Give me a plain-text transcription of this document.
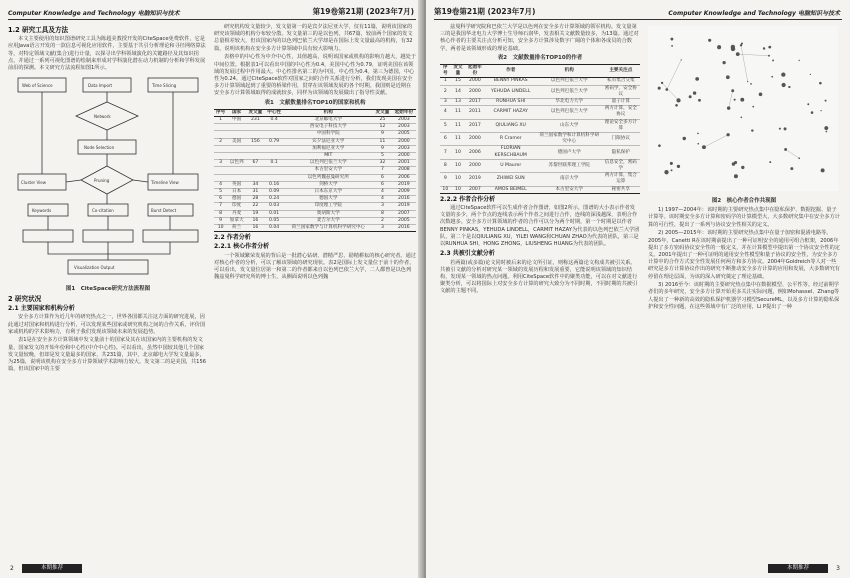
Computer Knowledge and Technology 电脑知识与技术	第19卷第21期 (2023年7月)
1.2 研究工具及方法

本文主要使用的知识图谱研究工具为陈超美教授开发的CiteSpace免费软件，它是应用Java语言开发的一款信息可视化应用软件，主要基于共引分析理论和寻径网络算法等，对特定领域文献(集合)进行计量，以探寻出学科领域演化的关键路径及其知识拐点，并通过一系列可视化图谱的绘制来形成对学科演化潜在动力机制的分析和学科发展前沿的探测。本文研究方法流程如图1所示。

Web of Science	Data Import	Time Slicing
Network
Node Selection
Cluster View	Timeline View
Pruning
Keywords	Co-citation	Burst Detect
Visualization Output
图1　CiteSpace研究方法流程图
2 研究状况
2.1 主要国家和机构分析

安全多方计算作为近几年的研究热点之一，世界各国都关注这方面的研究进展，因此通过对国家和机构进行分析，可以发现某些国家或研究机构之间的合作关系，评价国家或机构的学术影响力，有利于我们发现该领域未来的发展趋势。

表1是在安全多方计算领域中发文量前十的国家及其在该国家内的主要机构的发文量，国家发文的开始年份和中心性(中介中心性)。可以看出，虽然中国较其他几个国家发文量较晚，但却是发文量最多的国家，共231篇，其中，北京邮电大学发文量最多，为25篇，说明该机构在安全多方计算领域学术影响力较大。发文第二的是美国，共156篇，但该国家中的主要

研究机构发文量较少，发文量第一的是宾夕法尼亚大学，仅有11篇，说明该国家的研究该领域的机构分布较分散。发文量第三的是以色列，共67篇，较前两个国家的发文总量相差较大，但该国家内的以色列巴依兰大学却是在国际上发文量最高的机构，有32篇，说明该机构在安全多方计算领域中具有较大影响力。

表格中的中心性为中介中心性，其值越高，说明该国家或机构的影响力越大，越处于中间位置。根据表1可以看出中国的中心性为0.4，美国中心性为0.79，证明美国在该领域的发展过程中作用最大。中心性排名第二的为中国，中心性为0.4。第三为德国，中心性为0.24。通过CiteSpace软件对国家之间的合作关系进行分析，我们发现美国在安全多方计算领域起到了重要的桥梁作用，贯穿在该领域发展的各个时期。我国则是近期在安全多方计算领域取得的成就较多，同样为该领域的发展做出了指导性贡献。

表1　文献数量排名TOP10的国家和机构
序号	国家	发文量	中心性	机构	发文量	起始年份
1	中国	231	0.4	北京邮电大学	25	2003
				西安电子科技大学	12	2003
				中国科学院	9	2005
2	美国	156	0.79	宾夕法尼亚大学	11	2000
				加利福尼亚大学	9	2003
				MIT	5	2000
3	以色列	67	0.1	以色列巴依兰大学	32	2001
				本古里安大学	7	2008
				以色列魏兹曼研究所	6	2006
4	英国	34	0.16	剑桥大学	6	2019
5	日本	31	0.09	日本东京大学	4	2009
6	德国	28	0.24	德国大学	4	2016
7	印度	22	0.03	印度理工学院	3	2019
8	丹麦	19	0.01	奥胡斯大学	8	2007
9	加拿大	16	0.05	麦吉尔大学	2	2005
10	荷兰	16	0.04	荷兰国家数学与计算机科学研究中心	3	2016
2.2 作者分析
2.2.1 核心作者分析

一个领域繁荣发展的背后是一批潜心钻研、潜精严思、励精耕耘的核心研究者。通过对核心作者的分析，可以了解该领域的研究现状。表2是国际上发文量位于前十的作者，可以看出，发文量位居第一和第二的作者都来自以色列巴依兰大学，二人都曾是以色列魏兹曼科学研究所的博士生，从侧面说明以色列魏

2	本期推荐
第19卷第21期 (2023年7月)	Computer Knowledge and Technology 电脑知识与技术

兹曼科学研究院和巴依兰大学是以色列在安全多方计算领域的领军机构。发文量第三的是我国华北电力大学博士生导师石润华，发表相关文献数量较多，为13篇。通过对核心作者的主要关注点分析可知，安全多方计算涉及数字广阔的个体和各成员的合数学，两者是该领域形成的理论基础。

表2　文献数量排名TOP10的作者
序号	发文量	起始年份	作者	机构	主要关注点
1	15	2000	BENNY PINKAS	以色列巴依兰大学	私有集合交集
2	14	2000	YEHUDA LINDELL	以色列巴依兰大学	密码学，安全协议
3	13	2017	RUNHUA SHI	华北电力大学	量子计算
4	11	2011	CARMIT HAZAY	以色列巴依兰大学	两方计算，安全协议
5	11	2017	QIULIANG XU	山东大学	理论安全多方计算
6	11	2000	R Cramer	荷兰国家数学和计算机科学研究中心	门限协议
7	10	2006	FLORIAN KERSCHBAUM	德国卢大学	隐私保护
8	10	2000	U Maurer	苏黎世联邦理工学院	信息安全，密码学
9	10	2019	ZHIWEI SUN	南京大学	两方计算，集合运算
10	10	2007	AMOS BEIMEL	本古里安大学	秘密共享
2.2.2 作者合作分析

通过CiteSpace软件可以生成作者合作图谱，如图2所示，图谱的大小表示作者发文量的多少，两个节点的连线表示两个作者之间进行合作，连线的深浅越深，表明合作次数越多。安全多方计算领域的作者的合作可以分为两个时期，第一个时期是以作者BENNY PINKAS，YEHUDA LINDELL，CARMIT HAZAY为代表的以色列巴依兰大学团队，第二个是以QIULIANG XU，YILEI WANG和CHUAN ZHAO为代表的团队，第三是以RUNHUA SHI，HONG ZHONG，LIUSHENG HUANG为代表的团队。

2.3 共被引文献分析

若两篇(或多篇)论文同时被后来的论文所引证，则称这两篇论文构成共被引关系。共被引文献的分析对研究某一领域的发展历程和发展重要，它能说明该领域的知识结构，发现某一领域的热点问题。利用CiteSpace软件中的聚类功能，可以在对文献进行聚类分析，可以将国际上对安全多方计算的研究大致分为不同时期，不同时期的共被引文献的主题不同。

图2　核心作者合作共现图

1) 1997—2004年：该时期的主要研究热点集中在隐私保护、数据挖掘、量子计算等。该时期安全多方计算和密码学的计算模型大，大多数研究集中在安全多方计算的可行性，提出了一系列与协议安全性相关的定义。

2) 2005—2015年：该时期的主要研究热点集中在量子加密和混淆电路等。2005年，Canetti R在该时期前提出了一种可证明安全的通用可组合框架，2006年提出了多方密码协议安全性的一般定义，并在计算模型中提出第一个协议安全性的定义。2001年提出了一种可证明的通用安全性模型和量子协议的安全性，为安全多方计算中的合作方式安全性发展任何两方和多方协议。2004年Goldreich等人对一些研究是多方计算协议作出的研究不断推动安全多方计算的应用和发展，大多数研究有停留在理论层面，为该的深入研究奠定了理论基础。

3) 2016至今：该时期的主要研究热点集中在数据模型、公平性等。经过前期学者们的多年研究，安全多方计算开始更多关注实际问题，例如Mohassel、Zhang等人提出了一种新的高效的隐私保护机器学习模型SecureML，以及多方计算的隐私保护和安全性问题，在这些领域中有广泛的应用，Li P提出了一种

3
本期推荐
